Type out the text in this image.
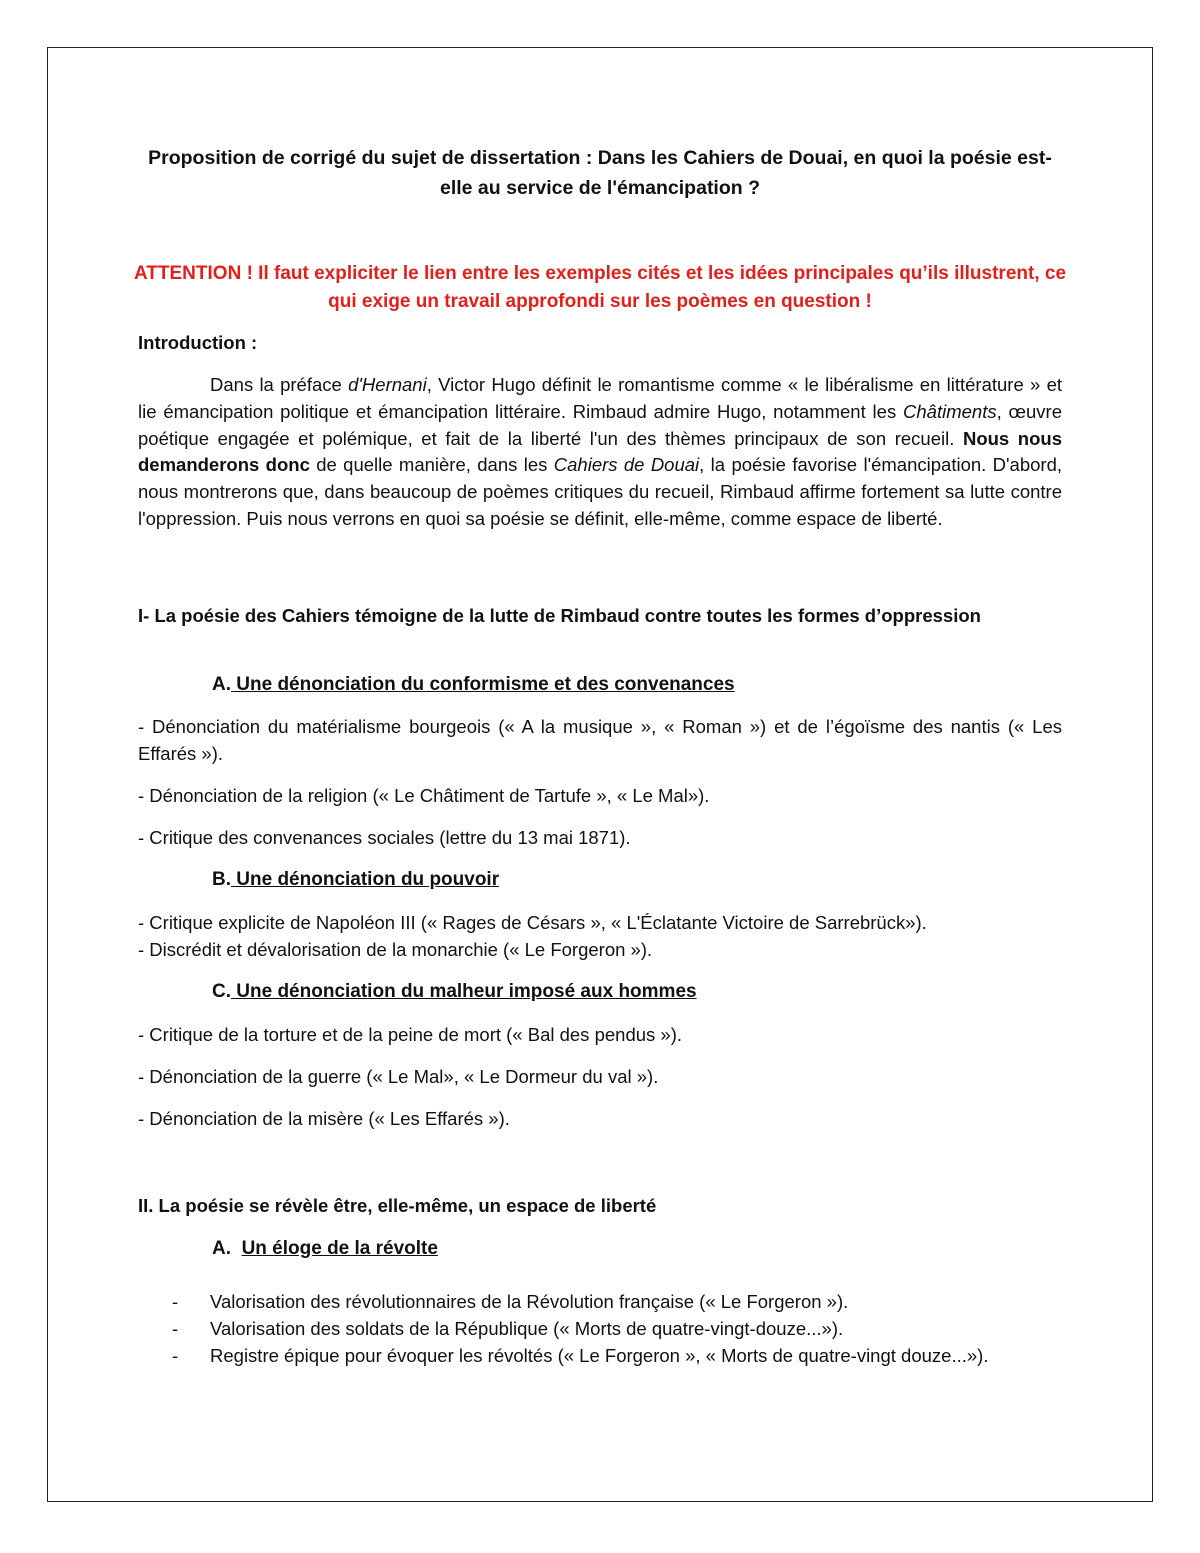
Proposition de corrigé du sujet de dissertation : Dans les Cahiers de Douai, en quoi la poésie est-elle au service de l'émancipation ?

ATTENTION ! Il faut expliciter le lien entre les exemples cités et les idées principales qu’ils illustrent, ce qui exige un travail approfondi sur les poèmes en question !

Introduction :

Dans la préface d'Hernani, Victor Hugo définit le romantisme comme « le libéralisme en littérature » et lie émancipation politique et émancipation littéraire. Rimbaud admire Hugo, notamment les Châtiments, œuvre poétique engagée et polémique, et fait de la liberté l'un des thèmes principaux de son recueil. Nous nous demanderons donc de quelle manière, dans les Cahiers de Douai, la poésie favorise l'émancipation. D'abord, nous montrerons que, dans beaucoup de poèmes critiques du recueil, Rimbaud affirme fortement sa lutte contre l'oppression. Puis nous verrons en quoi sa poésie se définit, elle-même, comme espace de liberté.

I- La poésie des Cahiers témoigne de la lutte de Rimbaud contre toutes les formes d’oppression

A. Une dénonciation du conformisme et des convenances

- Dénonciation du matérialisme bourgeois (« A la musique », « Roman ») et de l’égoïsme des nantis (« Les Effarés »).

- Dénonciation de la religion (« Le Châtiment de Tartufe », « Le Mal»).

- Critique des convenances sociales (lettre du 13 mai 1871).

B. Une dénonciation du pouvoir

- Critique explicite de Napoléon III (« Rages de Césars », « L'Éclatante Victoire de Sarrebrück»).

- Discrédit et dévalorisation de la monarchie (« Le Forgeron »).

C. Une dénonciation du malheur imposé aux hommes

- Critique de la torture et de la peine de mort (« Bal des pendus »).

- Dénonciation de la guerre (« Le Mal», « Le Dormeur du val »).

- Dénonciation de la misère (« Les Effarés »).

II. La poésie se révèle être, elle-même, un espace de liberté

A. Un éloge de la révolte

-	Valorisation des révolutionnaires de la Révolution française (« Le Forgeron »).
-	Valorisation des soldats de la République (« Morts de quatre-vingt-douze...»).
-	Registre épique pour évoquer les révoltés (« Le Forgeron », « Morts de quatre-vingt douze...»).
